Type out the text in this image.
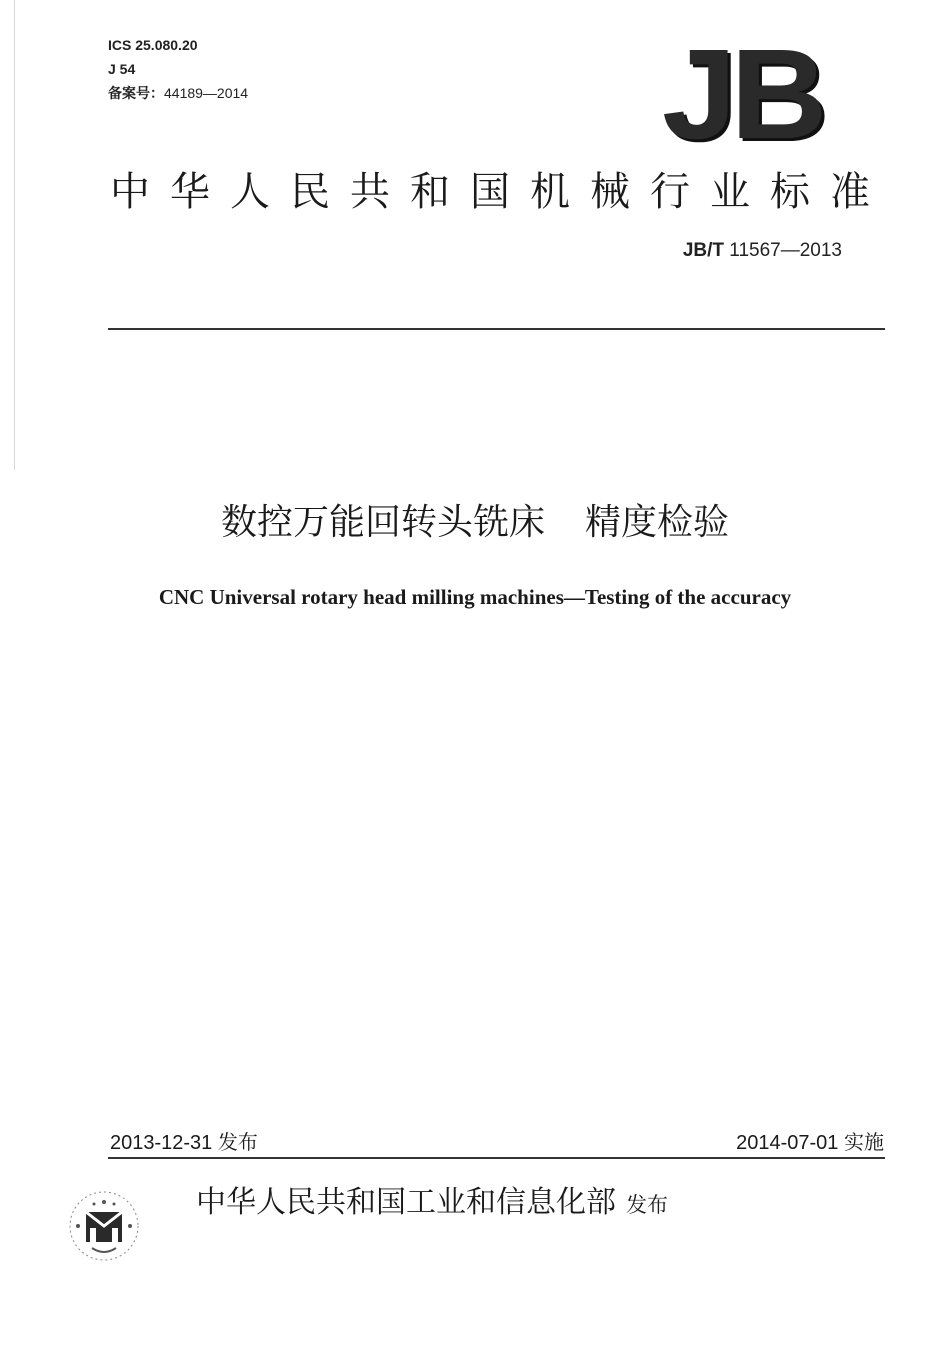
ICS 25.080.20
J 54
备案号：44189—2014	JB
中华人民共和国机械行业标准
JB/T 11567—2013
数控万能回转头铣床 精度检验
CNC Universal rotary head milling machines—Testing of the accuracy
2013-12-31 发布	2014-07-01 实施
中华人民共和国工业和信息化部 发布
